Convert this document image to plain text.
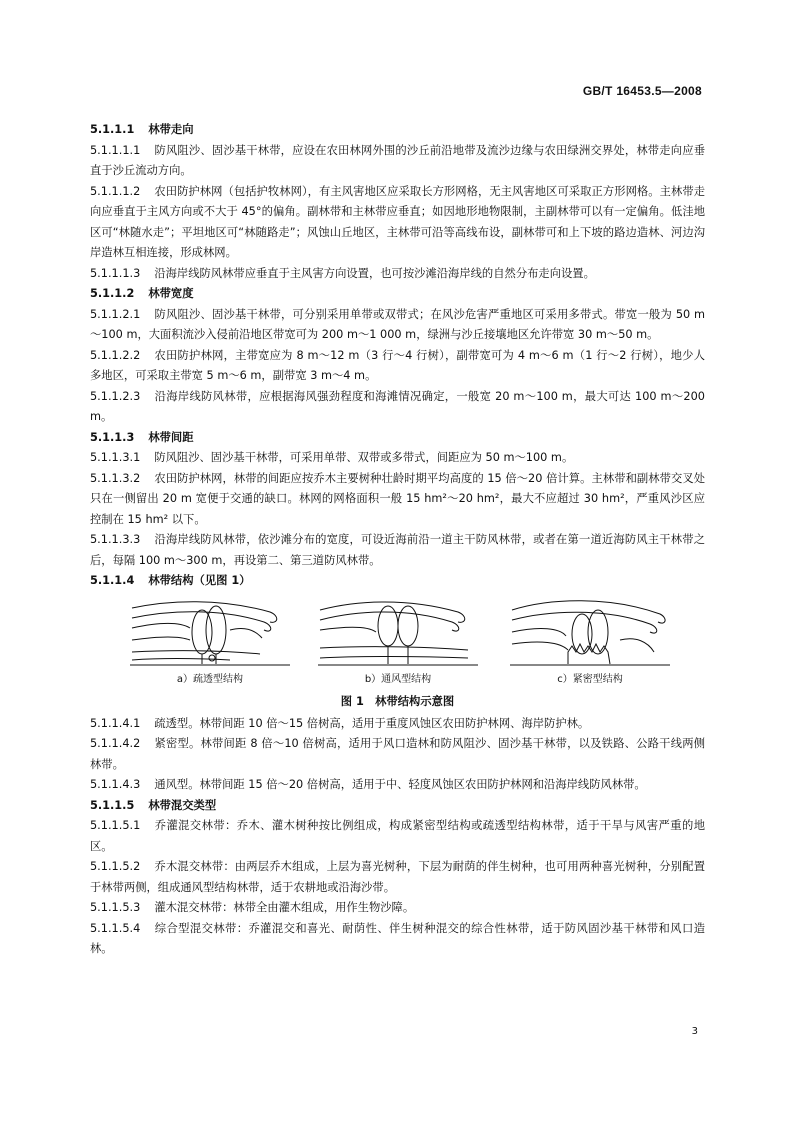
GB/T 16453.5—2008

5.1.1.1 林带走向

5.1.1.1.1 防风阻沙、固沙基干林带，应设在农田林网外围的沙丘前沿地带及流沙边缘与农田绿洲交界处，林带走向应垂直于沙丘流动方向。

5.1.1.1.2 农田防护林网（包括护牧林网），有主风害地区应采取长方形网格，无主风害地区可采取正方形网格。主林带走向应垂直于主风方向或不大于 45°的偏角。副林带和主林带应垂直；如因地形地物限制，主副林带可以有一定偏角。低洼地区可“林随水走”；平坦地区可“林随路走”；风蚀山丘地区，主林带可沿等高线布设，副林带可和上下坡的路边造林、河边沟岸造林互相连接，形成林网。

5.1.1.1.3 沿海岸线防风林带应垂直于主风害方向设置，也可按沙滩沿海岸线的自然分布走向设置。

5.1.1.2 林带宽度

5.1.1.2.1 防风阻沙、固沙基干林带，可分别采用单带或双带式；在风沙危害严重地区可采用多带式。带宽一般为 50 m～100 m，大面积流沙入侵前沿地区带宽可为 200 m～1 000 m，绿洲与沙丘接壤地区允许带宽 30 m～50 m。

5.1.1.2.2 农田防护林网，主带宽应为 8 m～12 m（3 行～4 行树），副带宽可为 4 m～6 m（1 行～2 行树），地少人多地区，可采取主带宽 5 m～6 m，副带宽 3 m～4 m。

5.1.1.2.3 沿海岸线防风林带，应根据海风强劲程度和海滩情况确定，一般宽 20 m～100 m，最大可达 100 m～200 m。

5.1.1.3 林带间距

5.1.1.3.1 防风阻沙、固沙基干林带，可采用单带、双带或多带式，间距应为 50 m～100 m。

5.1.1.3.2 农田防护林网，林带的间距应按乔木主要树种壮龄时期平均高度的 15 倍～20 倍计算。主林带和副林带交叉处只在一侧留出 20 m 宽便于交通的缺口。林网的网格面积一般 15 hm²～20 hm²，最大不应超过 30 hm²，严重风沙区应控制在 15 hm² 以下。

5.1.1.3.3 沿海岸线防风林带，依沙滩分布的宽度，可设近海前沿一道主干防风林带，或者在第一道近海防风主干林带之后，每隔 100 m～300 m，再设第二、第三道防风林带。

5.1.1.4 林带结构（见图 1）

a）疏透型结构	b）通风型结构	c）紧密型结构
图 1　林带结构示意图

5.1.1.4.1 疏透型。林带间距 10 倍～15 倍树高，适用于重度风蚀区农田防护林网、海岸防护林。

5.1.1.4.2 紧密型。林带间距 8 倍～10 倍树高，适用于风口造林和防风阻沙、固沙基干林带，以及铁路、公路干线两侧林带。

5.1.1.4.3 通风型。林带间距 15 倍～20 倍树高，适用于中、轻度风蚀区农田防护林网和沿海岸线防风林带。

5.1.1.5 林带混交类型

5.1.1.5.1 乔灌混交林带：乔木、灌木树种按比例组成，构成紧密型结构或疏透型结构林带，适于干旱与风害严重的地区。

5.1.1.5.2 乔木混交林带：由两层乔木组成，上层为喜光树种，下层为耐荫的伴生树种，也可用两种喜光树种，分别配置于林带两侧，组成通风型结构林带，适于农耕地或沿海沙带。

5.1.1.5.3 灌木混交林带：林带全由灌木组成，用作生物沙障。

5.1.1.5.4 综合型混交林带：乔灌混交和喜光、耐荫性、伴生树种混交的综合性林带，适于防风固沙基干林带和风口造林。

3
